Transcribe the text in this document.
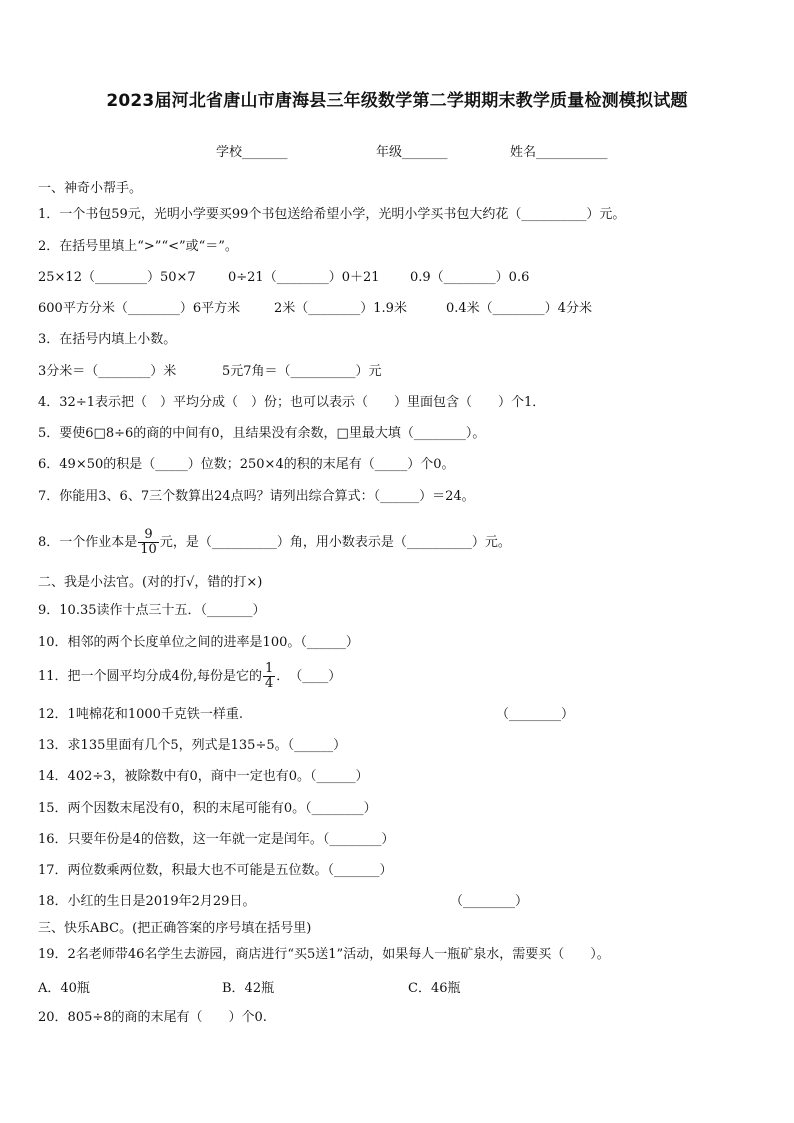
2023届河北省唐山市唐海县三年级数学第二学期期末教学质量检测模拟试题
学校_______	年级_______	姓名___________
一、神奇小帮手。
1．一个书包59元，光明小学要买99个书包送给希望小学，光明小学买书包大约花（__________）元。
2．在括号里填上“>”“<”或“＝”。
25×12（________）50×7 0÷21（________）0＋21 0.9（________）0.6
600平方分米（________）6平方米	2米（________）1.9米	0.4米（________）4分米
3．在括号内填上小数。
3分米＝（________）米	5元7角＝（__________）元
4．32÷1表示把（　）平均分成（　）份；也可以表示（　　）里面包含（　　）个1．
5．要使6□8÷6的商的中间有0，且结果没有余数，□里最大填（________）。
6．49×50的积是（_____）位数；250×4的积的末尾有（_____）个0。
7．你能用3、6、7三个数算出24点吗？请列出综合算式：（______）＝24。
8．一个作业本是 $\frac{9}{10}$ 元，是（__________）角，用小数表示是（__________）元。
二、我是小法官。(对的打√，错的打×)
9．10.35读作十点三十五．（_______）
10．相邻的两个长度单位之间的进率是100。（______）
11．把一个圆平均分成4份,每份是它的 $\frac{1}{4}$ ．　（____）
12．1吨棉花和1000千克铁一样重.	（________）
13．求135里面有几个5，列式是135÷5。（______）
14．402÷3，被除数中有0，商中一定也有0。（______）
15．两个因数末尾没有0，积的末尾可能有0。（________）
16．只要年份是4的倍数，这一年就一定是闰年。（________）
17．两位数乘两位数，积最大也不可能是五位数。（_______）
18．小红的生日是2019年2月29日。	（________）
三、快乐ABC。(把正确答案的序号填在括号里)
19．2名老师带46名学生去游园，商店进行“买5送1”活动，如果每人一瓶矿泉水，需要买（　　）。
A．40瓶	B．42瓶	C．46瓶
20．805÷8的商的末尾有（　　）个0.
